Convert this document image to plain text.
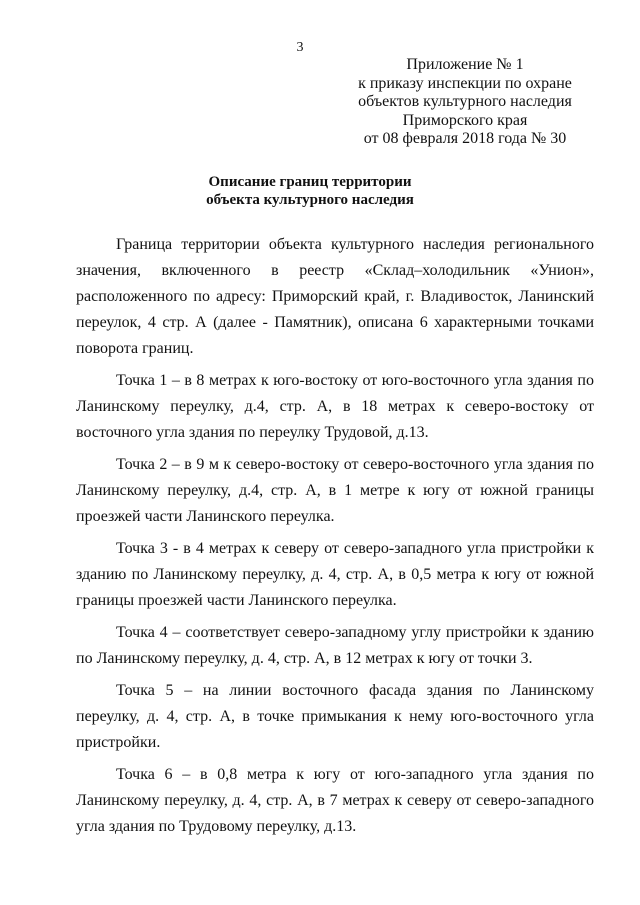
3
Приложение № 1
к приказу инспекции по охране
объектов культурного наследия
Приморского края
от 08 февраля 2018 года № 30
Описание границ территории
объекта культурного наследия

Граница территории объекта культурного наследия регионального значения, включенного в реестр «Склад–холодильник «Унион», расположенного по адресу: Приморский край, г. Владивосток, Ланинский переулок, 4 стр. А (далее - Памятник), описана 6 характерными точками поворота границ.

Точка 1 – в 8 метрах к юго-востоку от юго-восточного угла здания по Ланинскому переулку, д.4, стр. А, в 18 метрах к северо-востоку от восточного угла здания по переулку Трудовой, д.13.

Точка 2 – в 9 м к северо-востоку от северо-восточного угла здания по Ланинскому переулку, д.4, стр. А, в 1 метре к югу от южной границы проезжей части Ланинского переулка.

Точка 3 - в 4 метрах к северу от северо-западного угла пристройки к зданию по Ланинскому переулку, д. 4, стр. А, в 0,5 метра к югу от южной границы проезжей части Ланинского переулка.

Точка 4 – соответствует северо-западному углу пристройки к зданию по Ланинскому переулку, д. 4, стр. А, в 12 метрах к югу от точки 3.

Точка 5 – на линии восточного фасада здания по Ланинскому переулку, д. 4, стр. А, в точке примыкания к нему юго-восточного угла пристройки.

Точка 6 – в 0,8 метра к югу от юго-западного угла здания по Ланинскому переулку, д. 4, стр. А, в 7 метрах к северу от северо-западного угла здания по Трудовому переулку, д.13.
